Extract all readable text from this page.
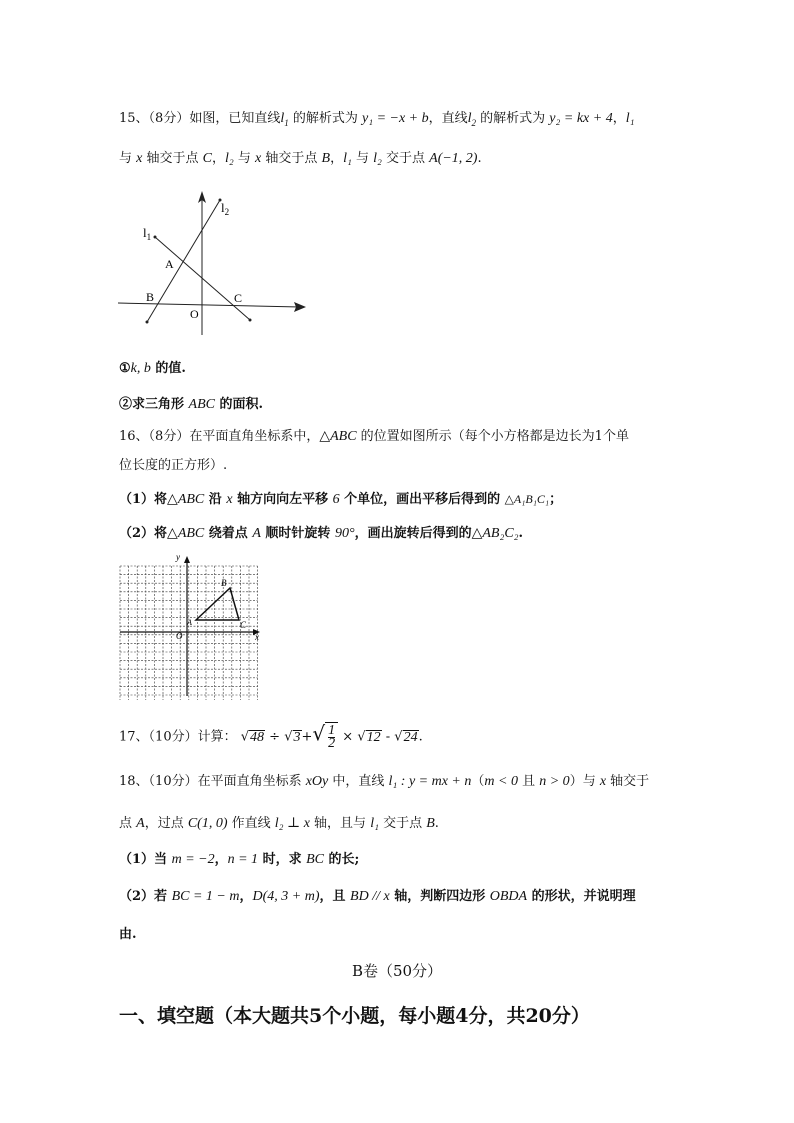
15、（8分）如图，已知直线$l_1$ 的解析式为 y₁ = −x + b，直线$l_2$ 的解析式为 y₂ = kx + 4，l₁
与 x 轴交于点 C，l₂ 与 x 轴交于点 B，l₁ 与 l₂ 交于点 A(−1, 2).
$l_2$
$l_1$
A
B	C
O
①k, b 的值.
②求三角形 ABC 的面积.
16、（8分）在平面直角坐标系中，△ABC 的位置如图所示（每个小方格都是边长为1个单
位长度的正方形）.
（1）将△ABC 沿 x 轴方向向左平移 6 个单位，画出平移后得到的 △A₁B₁C₁；
（2）将△ABC 绕着点 A 顺时针旋转 90°，画出旋转后得到的△AB₂C₂.
y
x
O
A
B
C
17、（10分）计算： $√48 \div √3+√ \frac{1}{2} \times √12 - √24$.
18、（10分）在平面直角坐标系 xOy 中，直线 l₁ : y = mx + n（m < 0 且 n > 0）与 x 轴交于
点 A，过点 C(1, 0) 作直线 l₂ ⊥ x 轴，且与 l₁ 交于点 B.
（1）当 m = −2，n = 1 时，求 BC 的长;
（2）若 BC = 1 − m，D(4, 3 + m)，且 BD // x 轴，判断四边形 OBDA 的形状，并说明理
由.
B卷（50分）
一、填空题（本大题共5个小题，每小题4分，共20分）
